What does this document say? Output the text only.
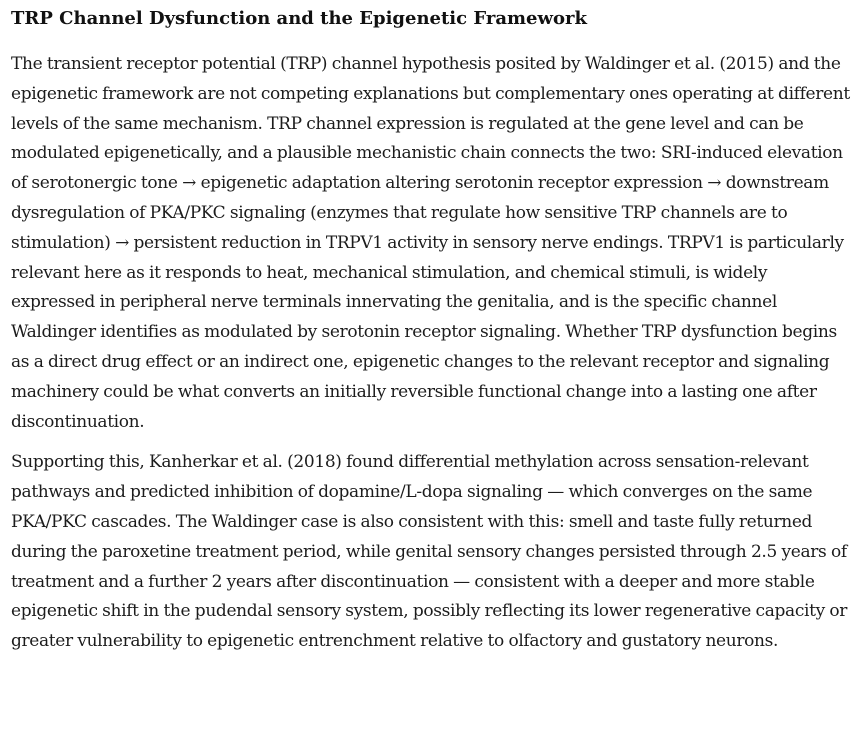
TRP Channel Dysfunction and the Epigenetic Framework

The transient receptor potential (TRP) channel hypothesis posited by Waldinger et al. (2015) and the epigenetic framework are not competing explanations but complementary ones operating at different levels of the same mechanism. TRP channel expression is regulated at the gene level and can be modulated epigenetically, and a plausible mechanistic chain connects the two: SRI-induced elevation of serotonergic tone → epigenetic adaptation altering serotonin receptor expression → downstream dysregulation of PKA/PKC signaling (enzymes that regulate how sensitive TRP channels are to stimulation) → persistent reduction in TRPV1 activity in sensory nerve endings. TRPV1 is particularly relevant here as it responds to heat, mechanical stimulation, and chemical stimuli, is widely expressed in peripheral nerve terminals innervating the genitalia, and is the specific channel Waldinger identifies as modulated by serotonin receptor signaling. Whether TRP dysfunction begins as a direct drug effect or an indirect one, epigenetic changes to the relevant receptor and signaling machinery could be what converts an initially reversible functional change into a lasting one after discontinuation.

Supporting this, Kanherkar et al. (2018) found differential methylation across sensation-relevant pathways and predicted inhibition of dopamine/L-dopa signaling — which converges on the same PKA/PKC cascades. The Waldinger case is also consistent with this: smell and taste fully returned during the paroxetine treatment period, while genital sensory changes persisted through 2.5 years of treatment and a further 2 years after discontinuation — consistent with a deeper and more stable epigenetic shift in the pudendal sensory system, possibly reflecting its lower regenerative capacity or greater vulnerability to epigenetic entrenchment relative to olfactory and gustatory neurons.
